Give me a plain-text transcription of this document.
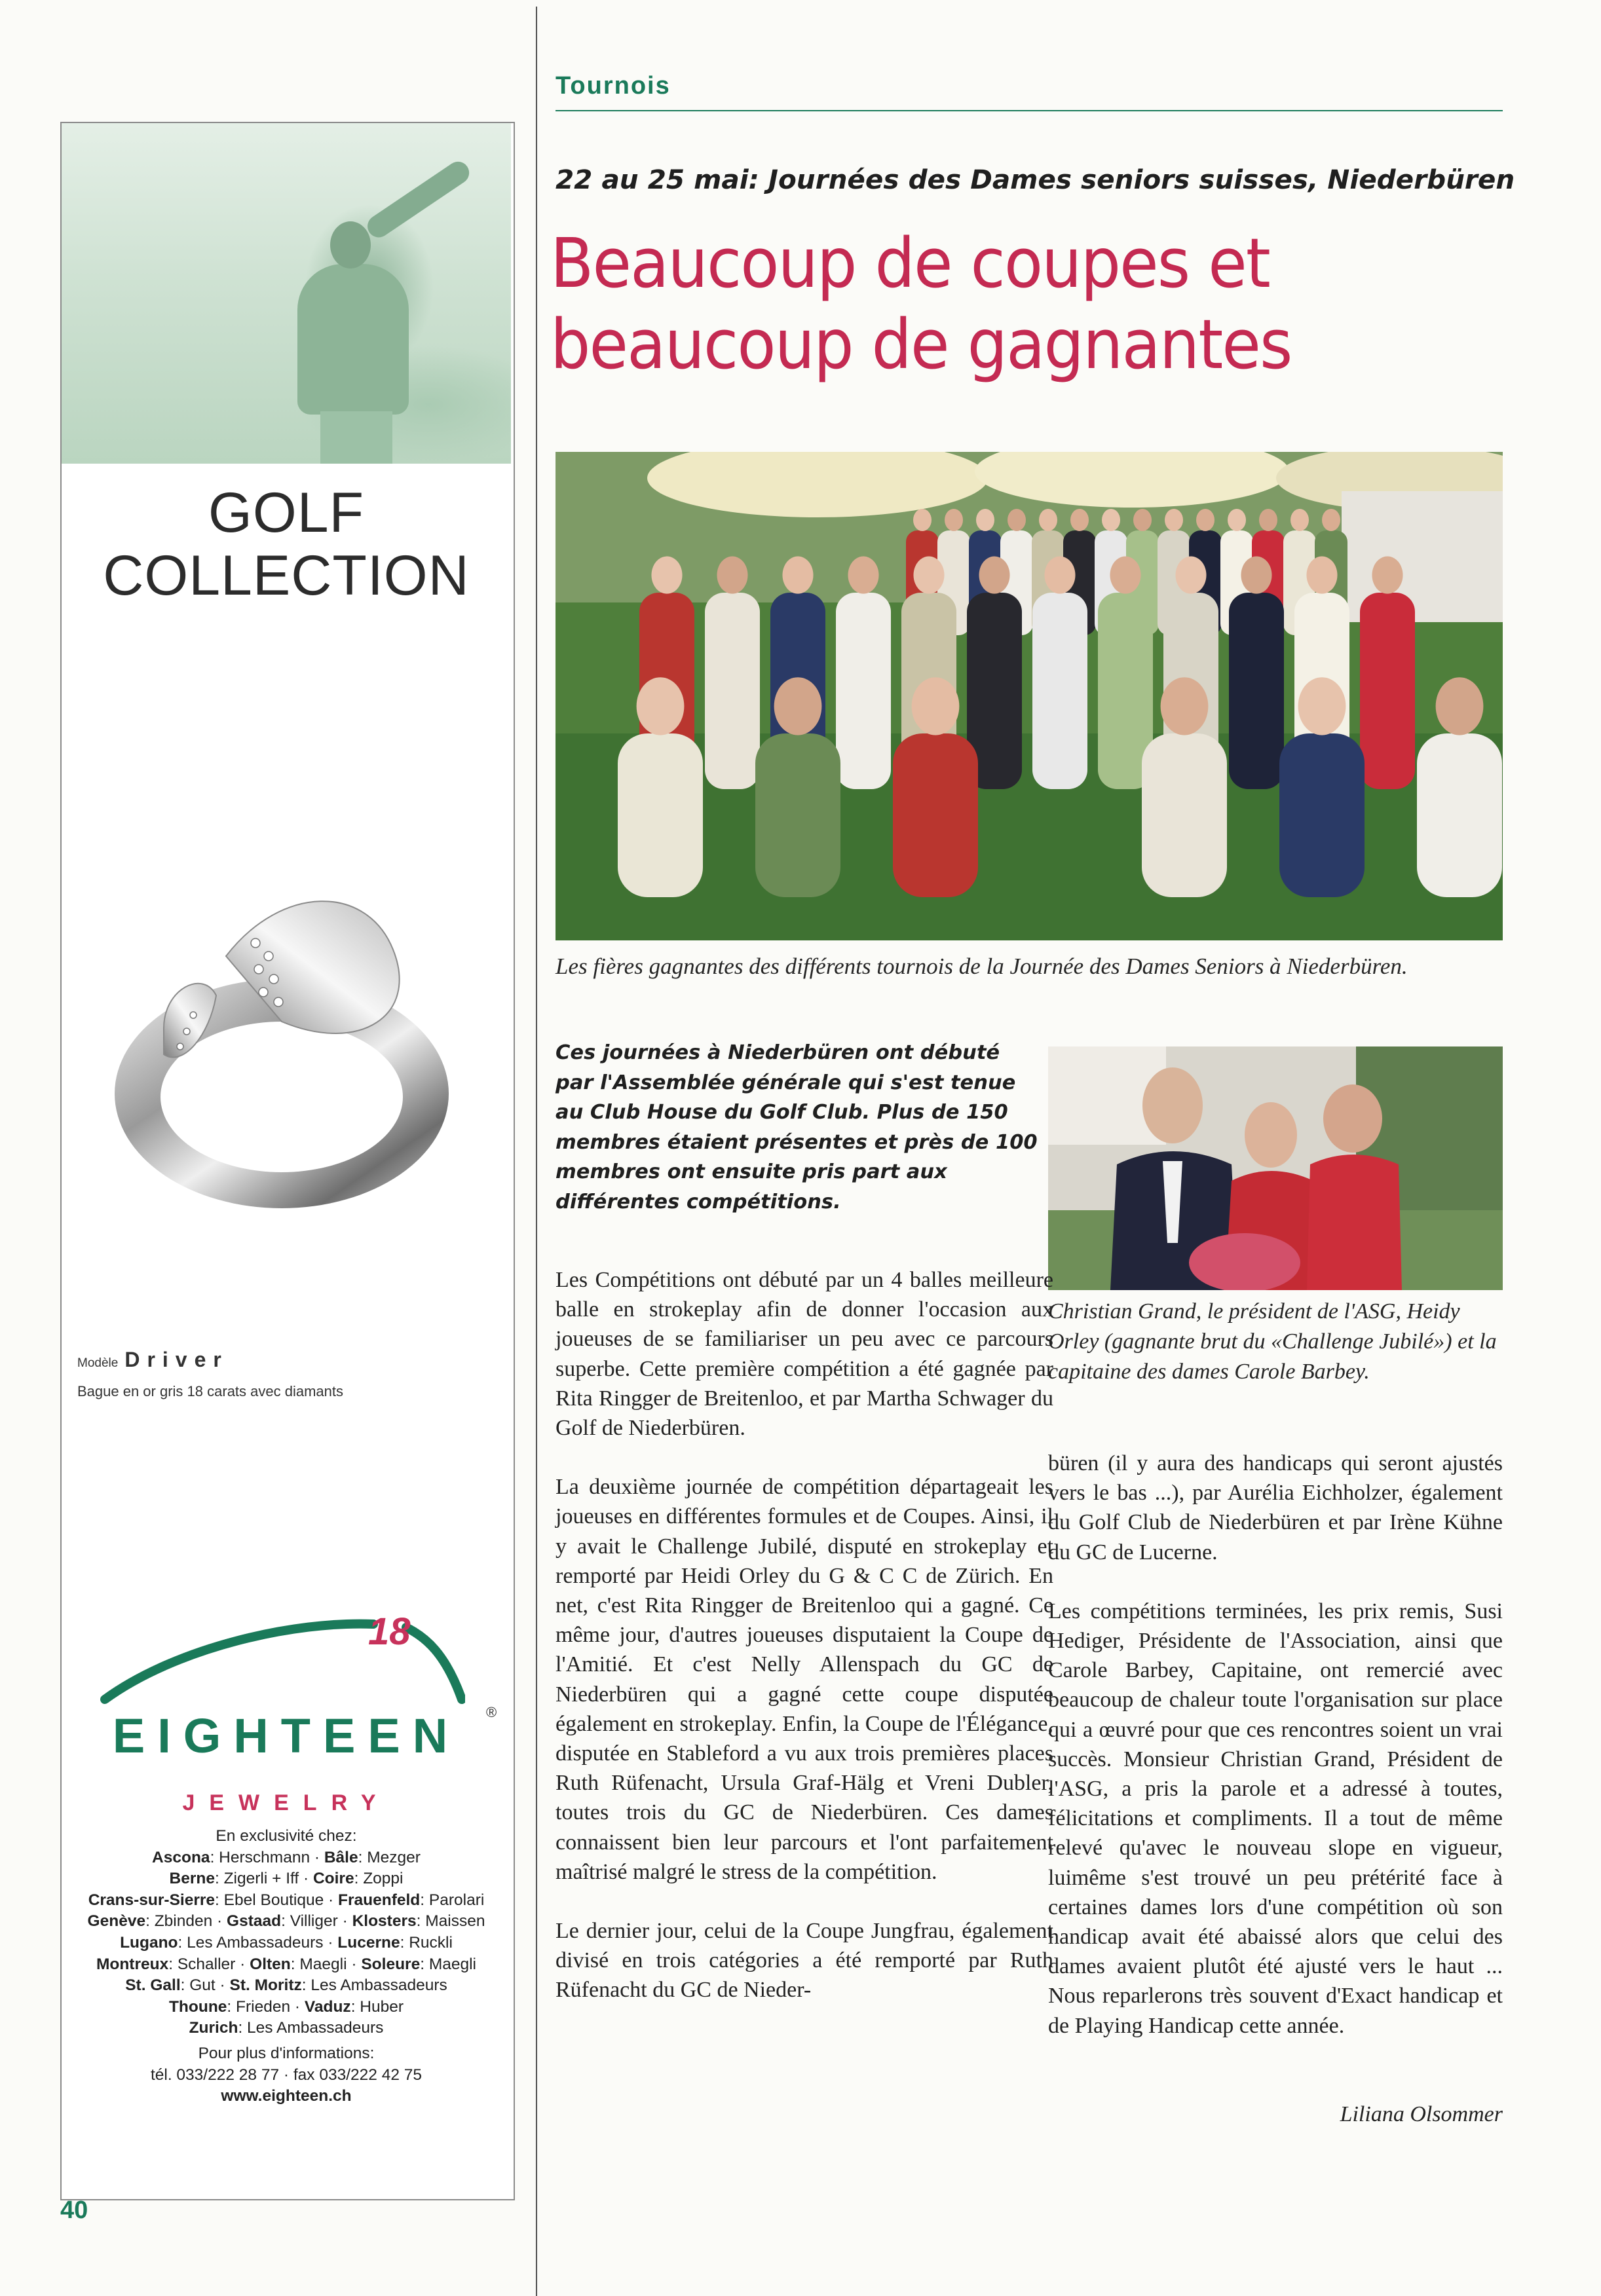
GOLF
COLLECTION
Modèle Driver
Bague en or gris 18 carats avec diamants
18
EIGHTEEN	®
JEWELRY
En exclusivité chez:
Ascona: Herschmann · Bâle: Mezger
Berne: Zigerli + Iff · Coire: Zoppi
Crans-sur-Sierre: Ebel Boutique · Frauenfeld: Parolari
Genève: Zbinden · Gstaad: Villiger · Klosters: Maissen
Lugano: Les Ambassadeurs · Lucerne: Ruckli
Montreux: Schaller · Olten: Maegli · Soleure: Maegli
St. Gall: Gut · St. Moritz: Les Ambassadeurs
Thoune: Frieden · Vaduz: Huber
Zurich: Les Ambassadeurs
Pour plus d'informations:
tél. 033/222 28 77 · fax 033/222 42 75
www.eighteen.ch
40
Tournois
22 au 25 mai: Journées des Dames seniors suisses, Niederbüren
Beaucoup de coupes et
beaucoup de gagnantes
Les fières gagnantes des différents tournois de la Journée des Dames Seniors à Niederbüren.
Ces journées à Niederbüren ont débuté par l'Assemblée générale qui s'est tenue au Club House du Golf Club. Plus de 150 membres étaient présentes et près de 100 membres ont ensuite pris part aux différentes compétitions.
Christian Grand, le président de l'ASG, Heidy Orley (gagnante brut du «Challenge Jubilé») et la capitaine des dames Carole Barbey.

Les Compétitions ont débuté par un 4 balles meilleure balle en strokeplay afin de donner l'occasion aux joueuses de se familiariser un peu avec ce parcours superbe. Cette première compétition a été gagnée par Rita Ringger de Breitenloo, et par Martha Schwager du Golf de Niederbüren.

La deuxième journée de compétition départageait les joueuses en différentes formules et de Coupes. Ainsi, il y avait le Challenge Jubilé, disputé en strokeplay et remporté par Heidi Orley du G & C C de Zürich. En net, c'est Rita Ringger de Breitenloo qui a gagné. Ce même jour, d'autres joueuses disputaient la Coupe de l'Amitié. Et c'est Nelly Allenspach du GC de Niederbüren qui a gagné cette coupe disputée également en strokeplay. Enfin, la Coupe de l'Élégance, disputée en Stableford a vu aux trois premières places Ruth Rüfenacht, Ursula Graf-Hälg et Vreni Dubler, toutes trois du GC de Niederbüren. Ces dames connaissent bien leur parcours et l'ont parfaitement maîtrisé malgré le stress de la compétition.

Le dernier jour, celui de la Coupe Jungfrau, également divisé en trois catégories a été remporté par Ruth Rüfenacht du GC de Nieder-

büren (il y aura des handicaps qui seront ajustés vers le bas ...), par Aurélia Eichholzer, également du Golf Club de Niederbüren et par Irène Kühne du GC de Lucerne.

Les compétitions terminées, les prix remis, Susi Hediger, Présidente de l'Association, ainsi que Carole Barbey, Capitaine, ont remercié avec beaucoup de chaleur toute l'organisation sur place qui a œuvré pour que ces rencontres soient un vrai succès. Monsieur Christian Grand, Président de l'ASG, a pris la parole et a adressé à toutes, félicitations et compliments. Il a tout de même relevé qu'avec le nouveau slope en vigueur, luimême s'est trouvé un peu prétérité face à certaines dames lors d'une compétition où son handicap avait été abaissé alors que celui des dames avaient plutôt été ajusté vers le haut ... Nous reparlerons très souvent d'Exact handicap et de Playing Handicap cette année.

Liliana Olsommer
